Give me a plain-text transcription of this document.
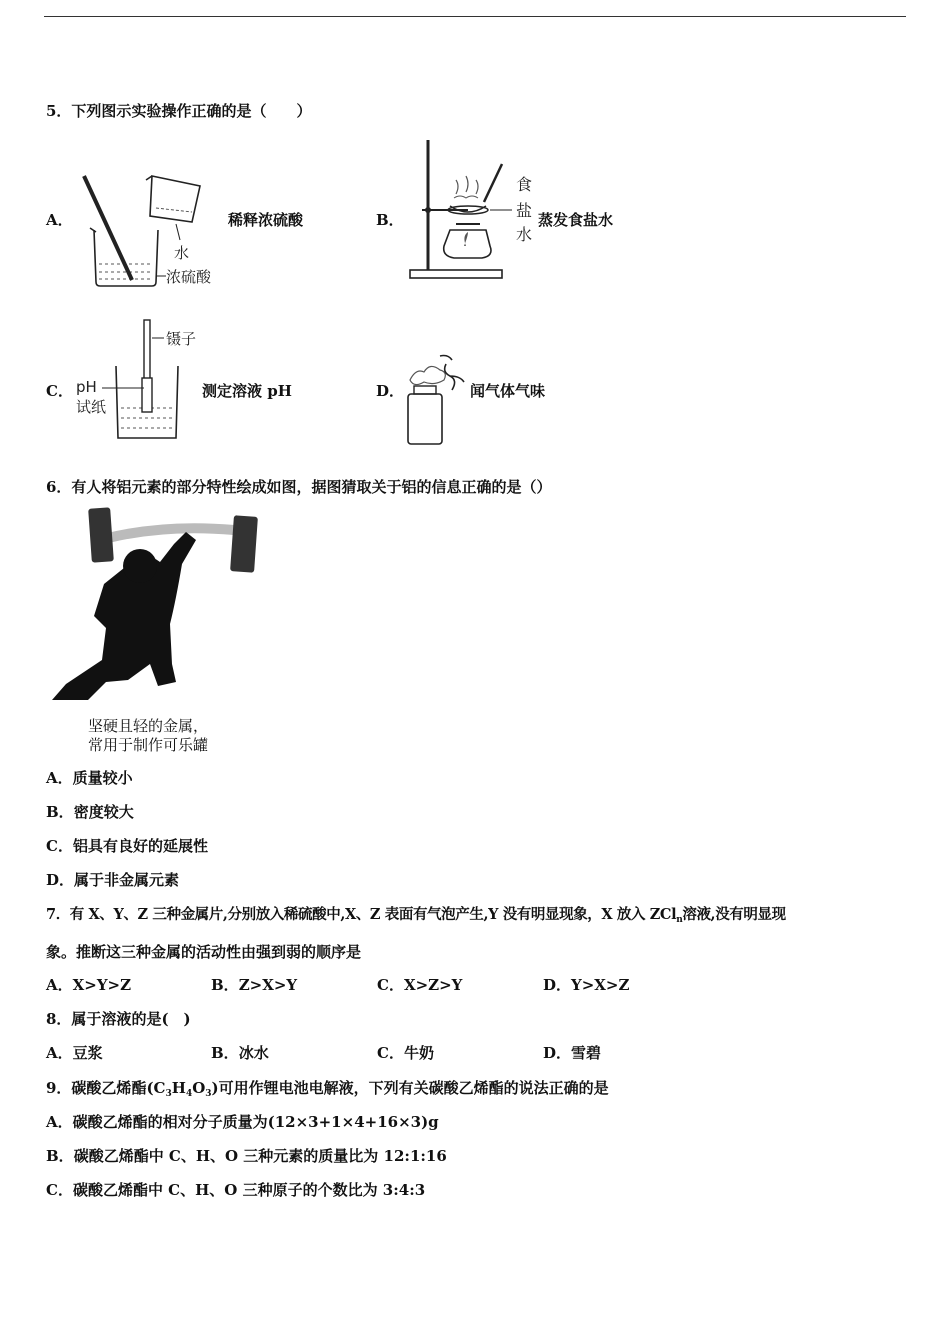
5．下列图示实验操作正确的是（　　）
A．
水
浓硫酸
稀释浓硫酸	B．
食
盐
水
蒸发食盐水
C．
镊子
pH
试纸
测定溶液 pH	D．	闻气体气味
6．有人将铝元素的部分特性绘成如图，据图猜取关于铝的信息正确的是（）
坚硬且轻的金属，
常用于制作可乐罐
A．质量较小
B．密度较大
C．铝具有良好的延展性
D．属于非金属元素
7．有 X、Y、Z 三种金属片,分别放入稀硫酸中,X、Z 表面有气泡产生,Y 没有明显现象，X 放入 ZCl$_n$溶液,没有明显现
象。推断这三种金属的活动性由强到弱的顺序是
A．X>Y>Z	B．Z>X>Y	C．X>Z>Y	D．Y>X>Z
8．属于溶液的是(　)
A．豆浆	B．冰水	C．牛奶	D．雪碧
9．碳酸乙烯酯$(C_3H_4O_3)$可用作锂电池电解液，下列有关碳酸乙烯酯的说法正确的是
A．碳酸乙烯酯的相对分子质量为(12×3+1×4+16×3)g
B．碳酸乙烯酯中 C、H、O 三种元素的质量比为 12:1:16
C．碳酸乙烯酯中 C、H、O 三种原子的个数比为 3:4:3
